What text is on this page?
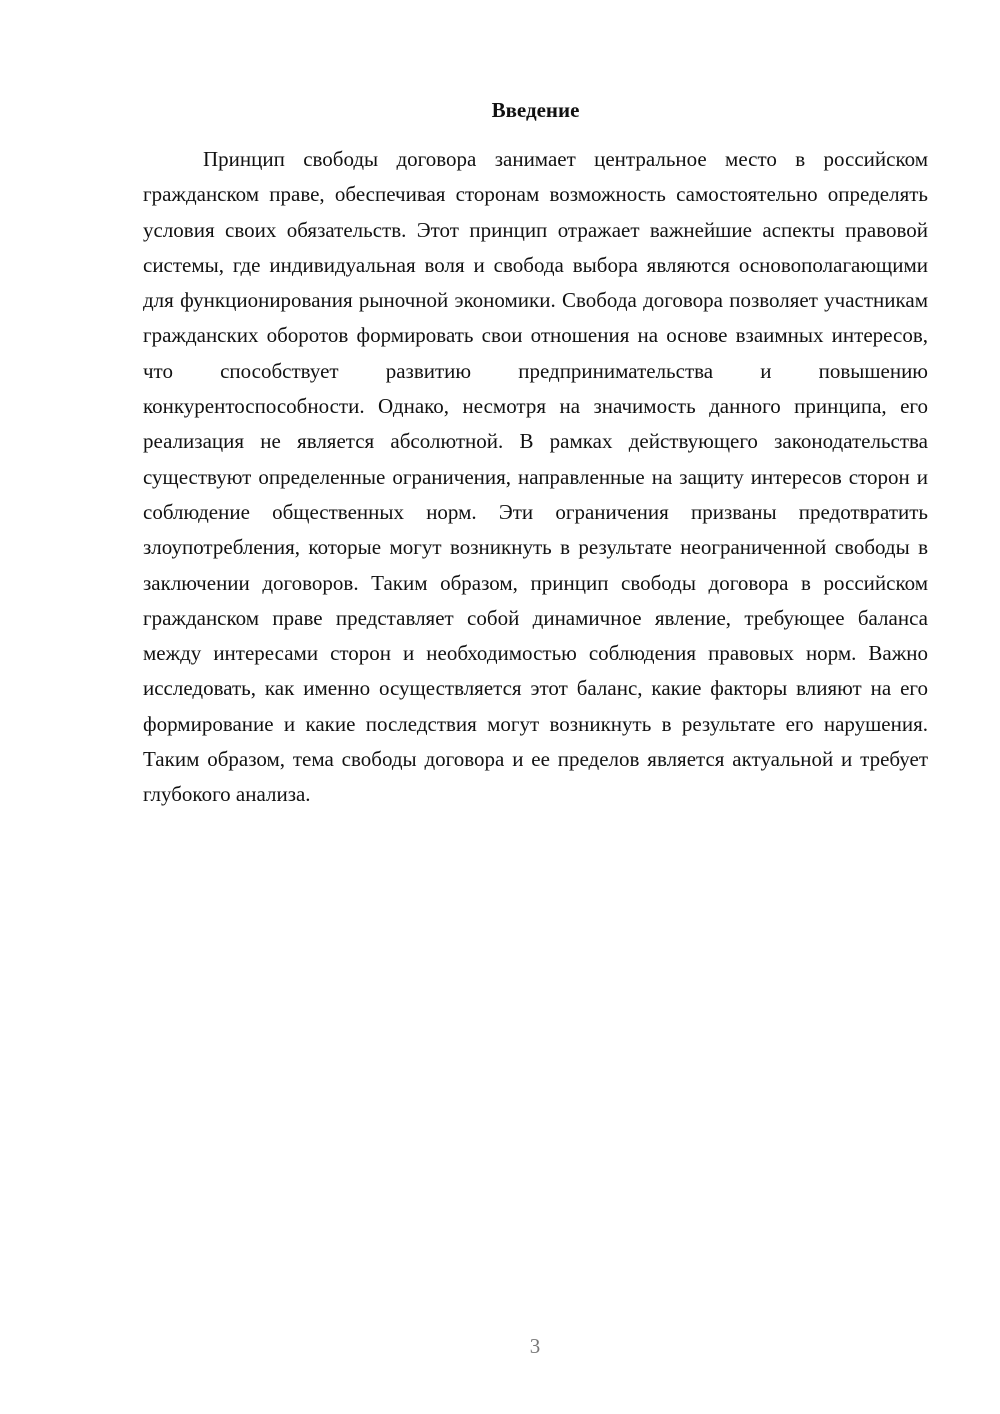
Введение

Принцип свободы договора занимает центральное место в российском гражданском праве, обеспечивая сторонам возможность самостоятельно определять условия своих обязательств. Этот принцип отражает важнейшие аспекты правовой системы, где индивидуальная воля и свобода выбора являются основополагающими для функционирования рыночной экономики. Свобода договора позволяет участникам гражданских оборотов формировать свои отношения на основе взаимных интересов, что способствует развитию предпринимательства и повышению конкурентоспособности. Однако, несмотря на значимость данного принципа, его реализация не является абсолютной. В рамках действующего законодательства существуют определенные ограничения, направленные на защиту интересов сторон и соблюдение общественных норм. Эти ограничения призваны предотвратить злоупотребления, которые могут возникнуть в результате неограниченной свободы в заключении договоров. Таким образом, принцип свободы договора в российском гражданском праве представляет собой динамичное явление, требующее баланса между интересами сторон и необходимостью соблюдения правовых норм. Важно исследовать, как именно осуществляется этот баланс, какие факторы влияют на его формирование и какие последствия могут возникнуть в результате его нарушения. Таким образом, тема свободы договора и ее пределов является актуальной и требует глубокого анализа.

3
